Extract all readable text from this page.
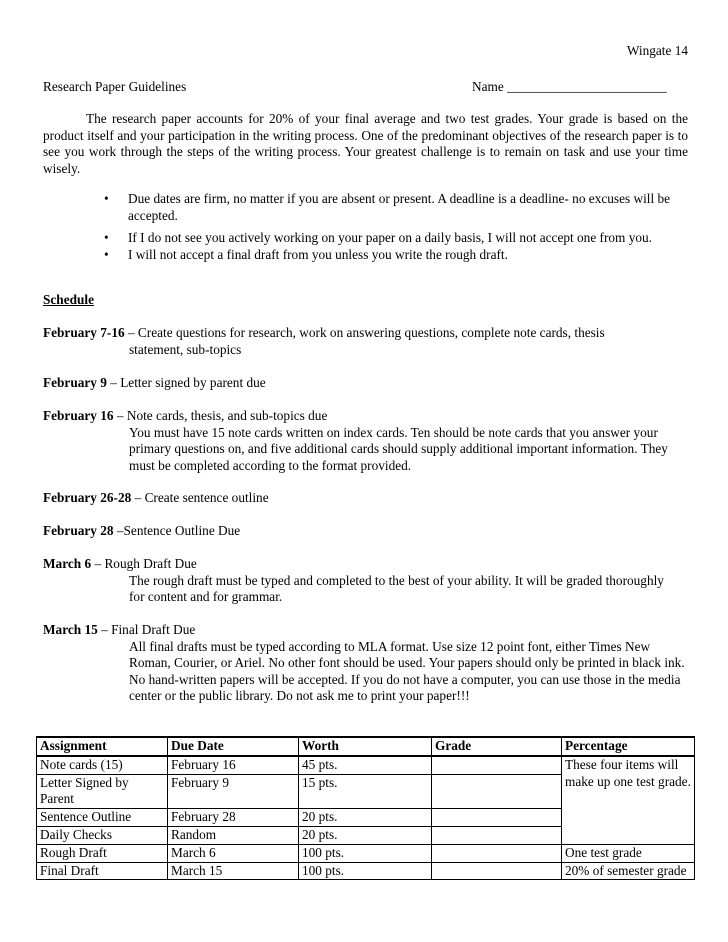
Wingate 14
Research Paper Guidelines	Name ________________________
The research paper accounts for 20% of your final average and two test grades. Your grade is based on the product itself and your participation in the writing process. One of the predominant objectives of the research paper is to see you work through the steps of the writing process. Your greatest challenge is to remain on task and use your time wisely.
• Due dates are firm, no matter if you are absent or present. A deadline is a deadline- no excuses will be accepted.
• If I do not see you actively working on your paper on a daily basis, I will not accept one from you.
• I will not accept a final draft from you unless you write the rough draft.
Schedule
February 7-16 – Create questions for research, work on answering questions, complete note cards, thesis
statement, sub-topics
February 9 – Letter signed by parent due
February 16 – Note cards, thesis, and sub-topics due
You must have 15 note cards written on index cards. Ten should be note cards that you answer your primary questions on, and five additional cards should supply additional important information. They must be completed according to the format provided.
February 26-28 – Create sentence outline
February 28 –Sentence Outline Due
March 6 – Rough Draft Due
The rough draft must be typed and completed to the best of your ability. It will be graded thoroughly for content and for grammar.
March 15 – Final Draft Due
All final drafts must be typed according to MLA format. Use size 12 point font, either Times New Roman, Courier, or Ariel. No other font should be used. Your papers should only be printed in black ink. No hand-written papers will be accepted. If you do not have a computer, you can use those in the media center or the public library. Do not ask me to print your paper!!!
Assignment	Due Date	Worth	Grade	Percentage
Note cards (15)	February 16	45 pts.		These four items will make up one test grade.
Letter Signed by Parent	February 9	15 pts.		
Sentence Outline	February 28	20 pts.		
Daily Checks	Random	20 pts.		
Rough Draft	March 6	100 pts.		One test grade
Final Draft	March 15	100 pts.		20% of semester grade
